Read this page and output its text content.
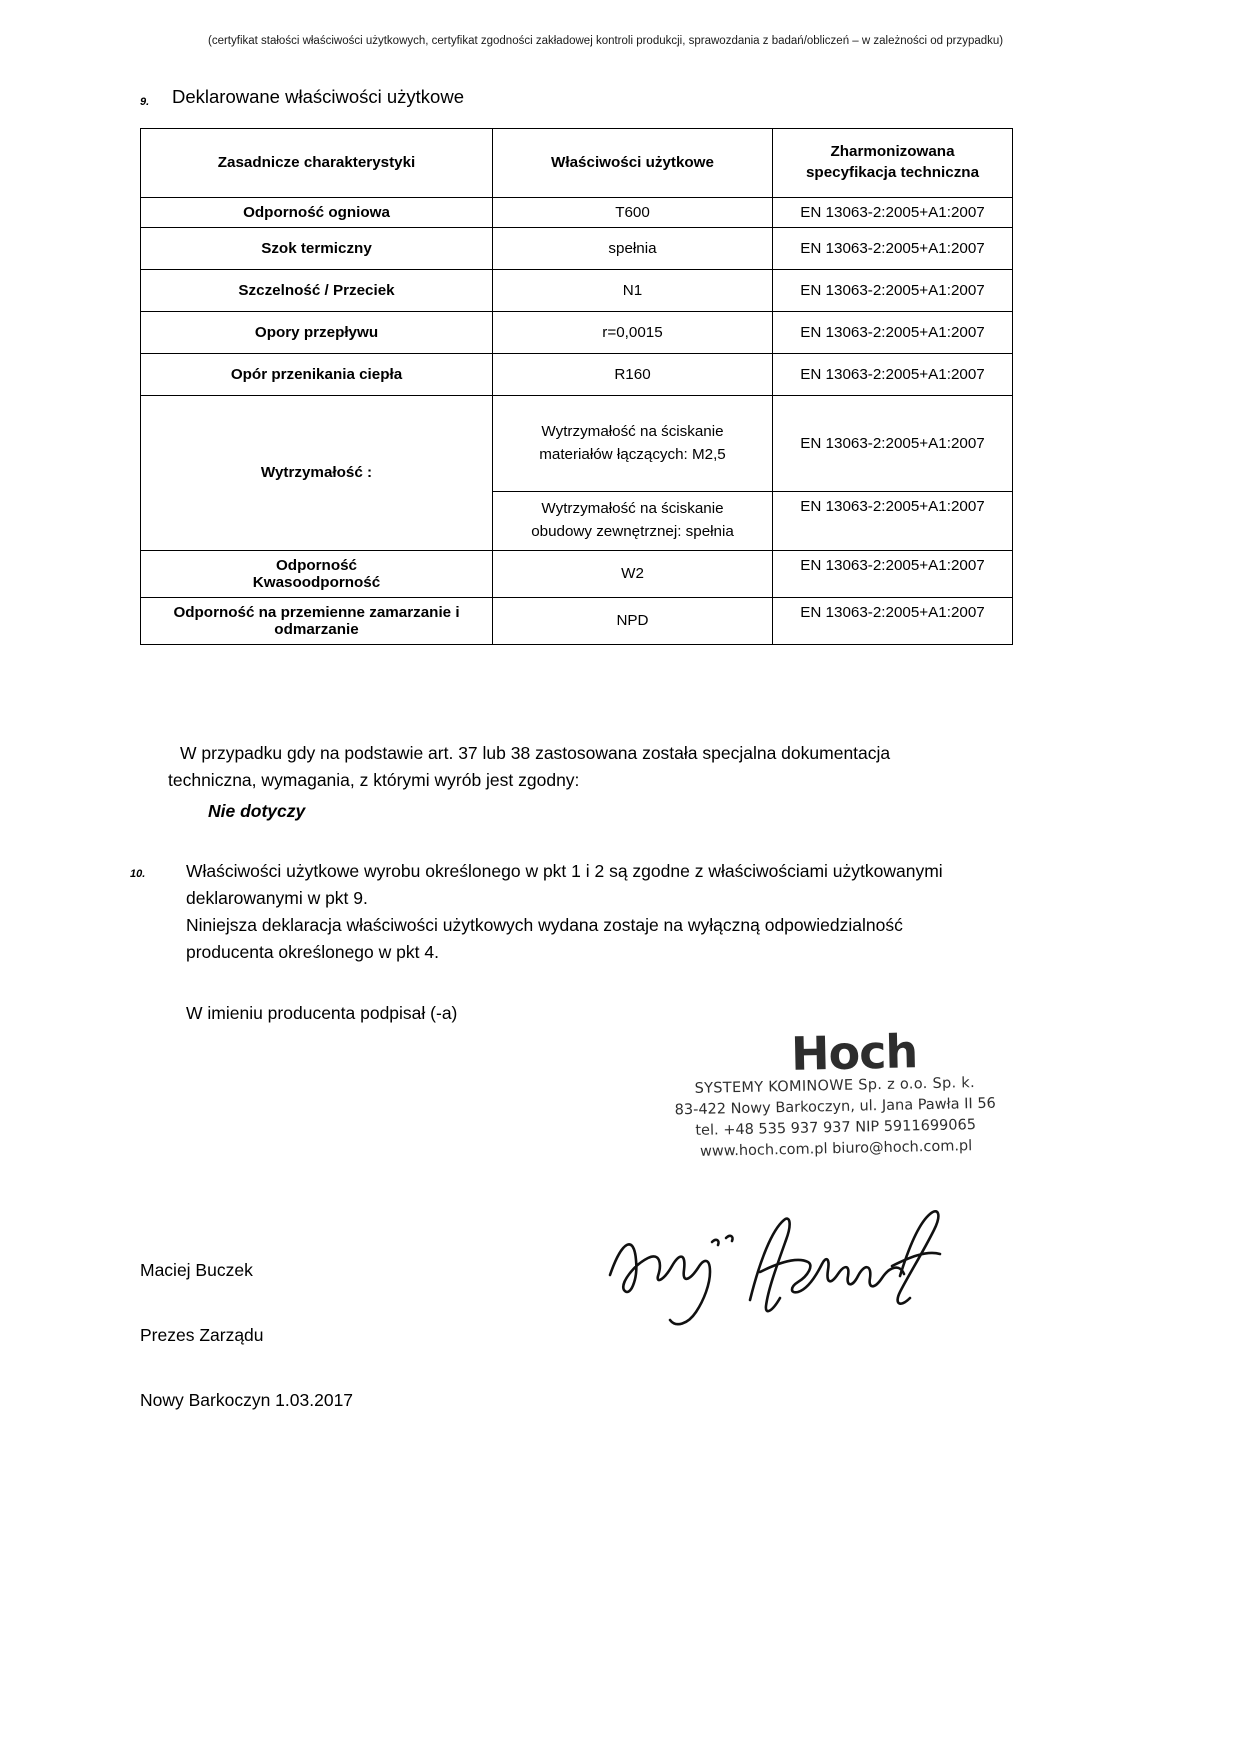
(certyfikat stałości właściwości użytkowych, certyfikat zgodności zakładowej kontroli produkcji, sprawozdania z badań/obliczeń – w zależności od przypadku)
9. Deklarowane właściwości użytkowe
Zasadnicze charakterystyki	Właściwości użytkowe	Zharmonizowana
specyfikacja techniczna

Odporność ogniowa	T600	EN 13063-2:2005+A1:2007
Szok termiczny	spełnia	EN 13063-2:2005+A1:2007
Szczelność / Przeciek	N1	EN 13063-2:2005+A1:2007
Opory przepływu	r=0,0015	EN 13063-2:2005+A1:2007
Opór przenikania ciepła	R160	EN 13063-2:2005+A1:2007
Wytrzymałość :	Wytrzymałość na ściskanie
materiałów łączących: M2,5	EN 13063-2:2005+A1:2007

	Wytrzymałość na ściskanie
obudowy zewnętrznej: spełnia	EN 13063-2:2005+A1:2007

Odporność
Kwasoodporność	W2	EN 13063-2:2005+A1:2007

Odporność na przemienne zamarzanie i
odmarzanie	NPD	EN 13063-2:2005+A1:2007
W przypadku gdy na podstawie art. 37 lub 38 zastosowana została specjalna dokumentacja
techniczna, wymagania, z którymi wyrób jest zgodny:
Nie dotyczy
10. Właściwości użytkowe wyrobu określonego w pkt 1 i 2 są zgodne z właściwościami użytkowanymi
deklarowanymi w pkt 9.
Niniejsza deklaracja właściwości użytkowych wydana zostaje na wyłączną odpowiedzialność
producenta określonego w pkt 4.
W imieniu producenta podpisał (-a)
Hoch
SYSTEMY KOMINOWE Sp. z o.o. Sp. k.
83-422 Nowy Barkoczyn, ul. Jana Pawła II 56
tel. +48 535 937 937 NIP 5911699065
www.hoch.com.pl biuro@hoch.com.pl
Maciej Buczek
Prezes Zarządu
Nowy Barkoczyn 1.03.2017
